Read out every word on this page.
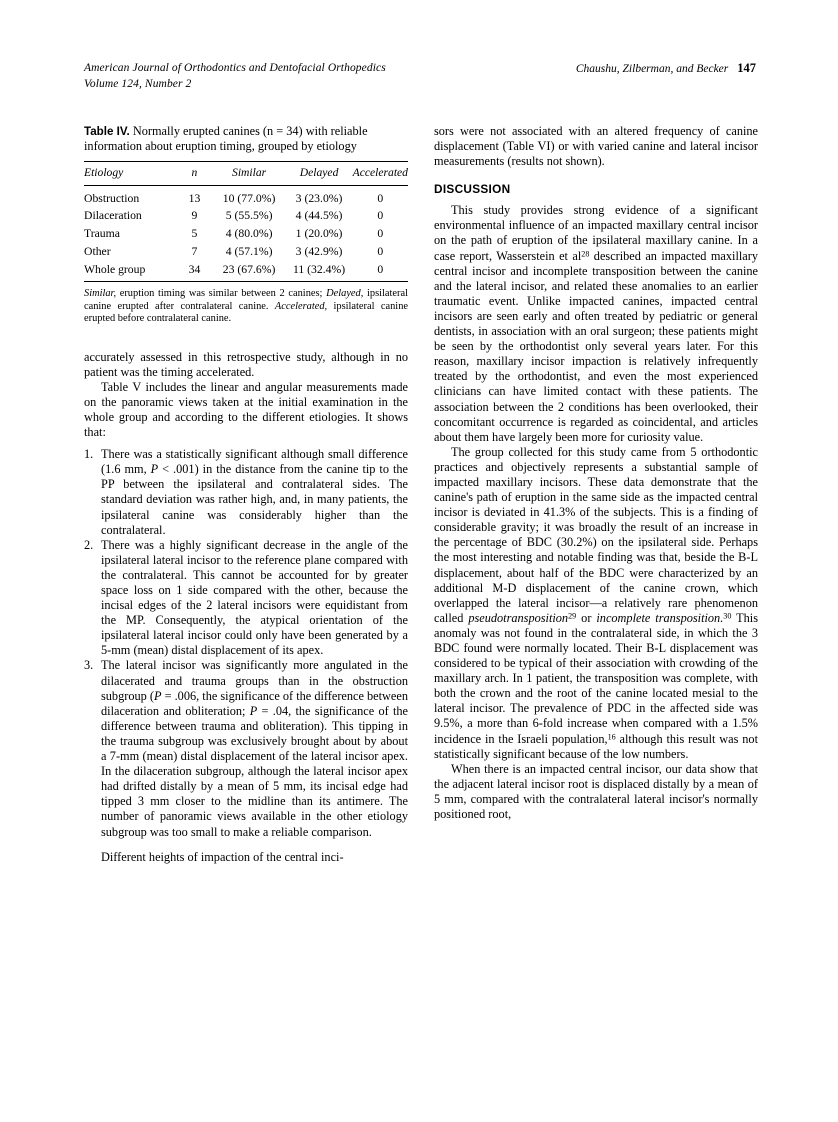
American Journal of Orthodontics and Dentofacial Orthopedics
Volume 124, Number 2
Chaushu, Zilberman, and Becker 147
Table IV. Normally erupted canines (n = 34) with reliable information about eruption timing, grouped by etiology
Etiology	n	Similar	Delayed	Accelerated
Obstruction	13	10 (77.0%)	3 (23.0%)	0
Dilaceration	9	5 (55.5%)	4 (44.5%)	0
Trauma	5	4 (80.0%)	1 (20.0%)	0
Other	7	4 (57.1%)	3 (42.9%)	0
Whole group	34	23 (67.6%)	11 (32.4%)	0
Similar, eruption timing was similar between 2 canines; Delayed, ipsilateral canine erupted after contralateral canine. Accelerated, ipsilateral canine erupted before contralateral canine.

accurately assessed in this retrospective study, although in no patient was the timing accelerated.

Table V includes the linear and angular measurements made on the panoramic views taken at the initial examination in the whole group and according to the different etiologies. It shows that:

1. There was a statistically significant although small difference (1.6 mm, P < .001) in the distance from the canine tip to the PP between the ipsilateral and contralateral sides. The standard deviation was rather high, and, in many patients, the ipsilateral canine was considerably higher than the contralateral.
2. There was a highly significant decrease in the angle of the ipsilateral lateral incisor to the reference plane compared with the contralateral. This cannot be accounted for by greater space loss on 1 side compared with the other, because the incisal edges of the 2 lateral incisors were equidistant from the MP. Consequently, the atypical orientation of the ipsilateral lateral incisor could only have been generated by a 5-mm (mean) distal displacement of its apex.
3. The lateral incisor was significantly more angulated in the dilacerated and trauma groups than in the obstruction subgroup (P = .006, the significance of the difference between dilaceration and obliteration; P = .04, the significance of the difference between trauma and obliteration). This tipping in the trauma subgroup was exclusively brought about by about a 7-mm (mean) distal displacement of the lateral incisor apex. In the dilaceration subgroup, although the lateral incisor apex had drifted distally by a mean of 5 mm, its incisal edge had tipped 3 mm closer to the midline than its antimere. The number of panoramic views available in the other etiology subgroup was too small to make a reliable comparison.

Different heights of impaction of the central inci-

sors were not associated with an altered frequency of canine displacement (Table VI) or with varied canine and lateral incisor measurements (results not shown).

DISCUSSION

This study provides strong evidence of a significant environmental influence of an impacted maxillary central incisor on the path of eruption of the ipsilateral maxillary canine. In a case report, Wasserstein et $al^{28}$ described an impacted maxillary central incisor and incomplete transposition between the canine and the lateral incisor, and related these anomalies to an earlier traumatic event. Unlike impacted canines, impacted central incisors are seen early and often treated by pediatric or general dentists, in association with an oral surgeon; these patients might be seen by the orthodontist only several years later. For this reason, maxillary incisor impaction is relatively infrequently treated by the orthodontist, and even the most experienced clinicians can have limited contact with these patients. The association between the 2 conditions has been overlooked, their concomitant occurrence is regarded as coincidental, and articles about them have largely been more for curiosity value.

The group collected for this study came from 5 orthodontic practices and objectively represents a substantial sample of impacted maxillary incisors. These data demonstrate that the canine's path of eruption in the same side as the impacted central incisor is deviated in 41.3% of the subjects. This is a finding of considerable gravity; it was broadly the result of an increase in the percentage of BDC (30.2%) on the ipsilateral side. Perhaps the most interesting and notable finding was that, beside the B-L displacement, about half of the BDC were characterized by an additional M-D displacement of the canine crown, which overlapped the lateral incisor—a relatively rare phenomenon called pseudotransposition$^{29}$ or incomplete transposition.$^{30}$ This anomaly was not found in the contralateral side, in which the 3 BDC found were normally located. Their B-L displacement was considered to be typical of their association with crowding of the maxillary arch. In 1 patient, the transposition was complete, with both the crown and the root of the canine located mesial to the lateral incisor. The prevalence of PDC in the affected side was 9.5%, a more than 6-fold increase when compared with a 1.5% incidence in the Israeli population,$^{16}$ although this result was not statistically significant because of the low numbers.

When there is an impacted central incisor, our data show that the adjacent lateral incisor root is displaced distally by a mean of 5 mm, compared with the contralateral lateral incisor's normally positioned root,
